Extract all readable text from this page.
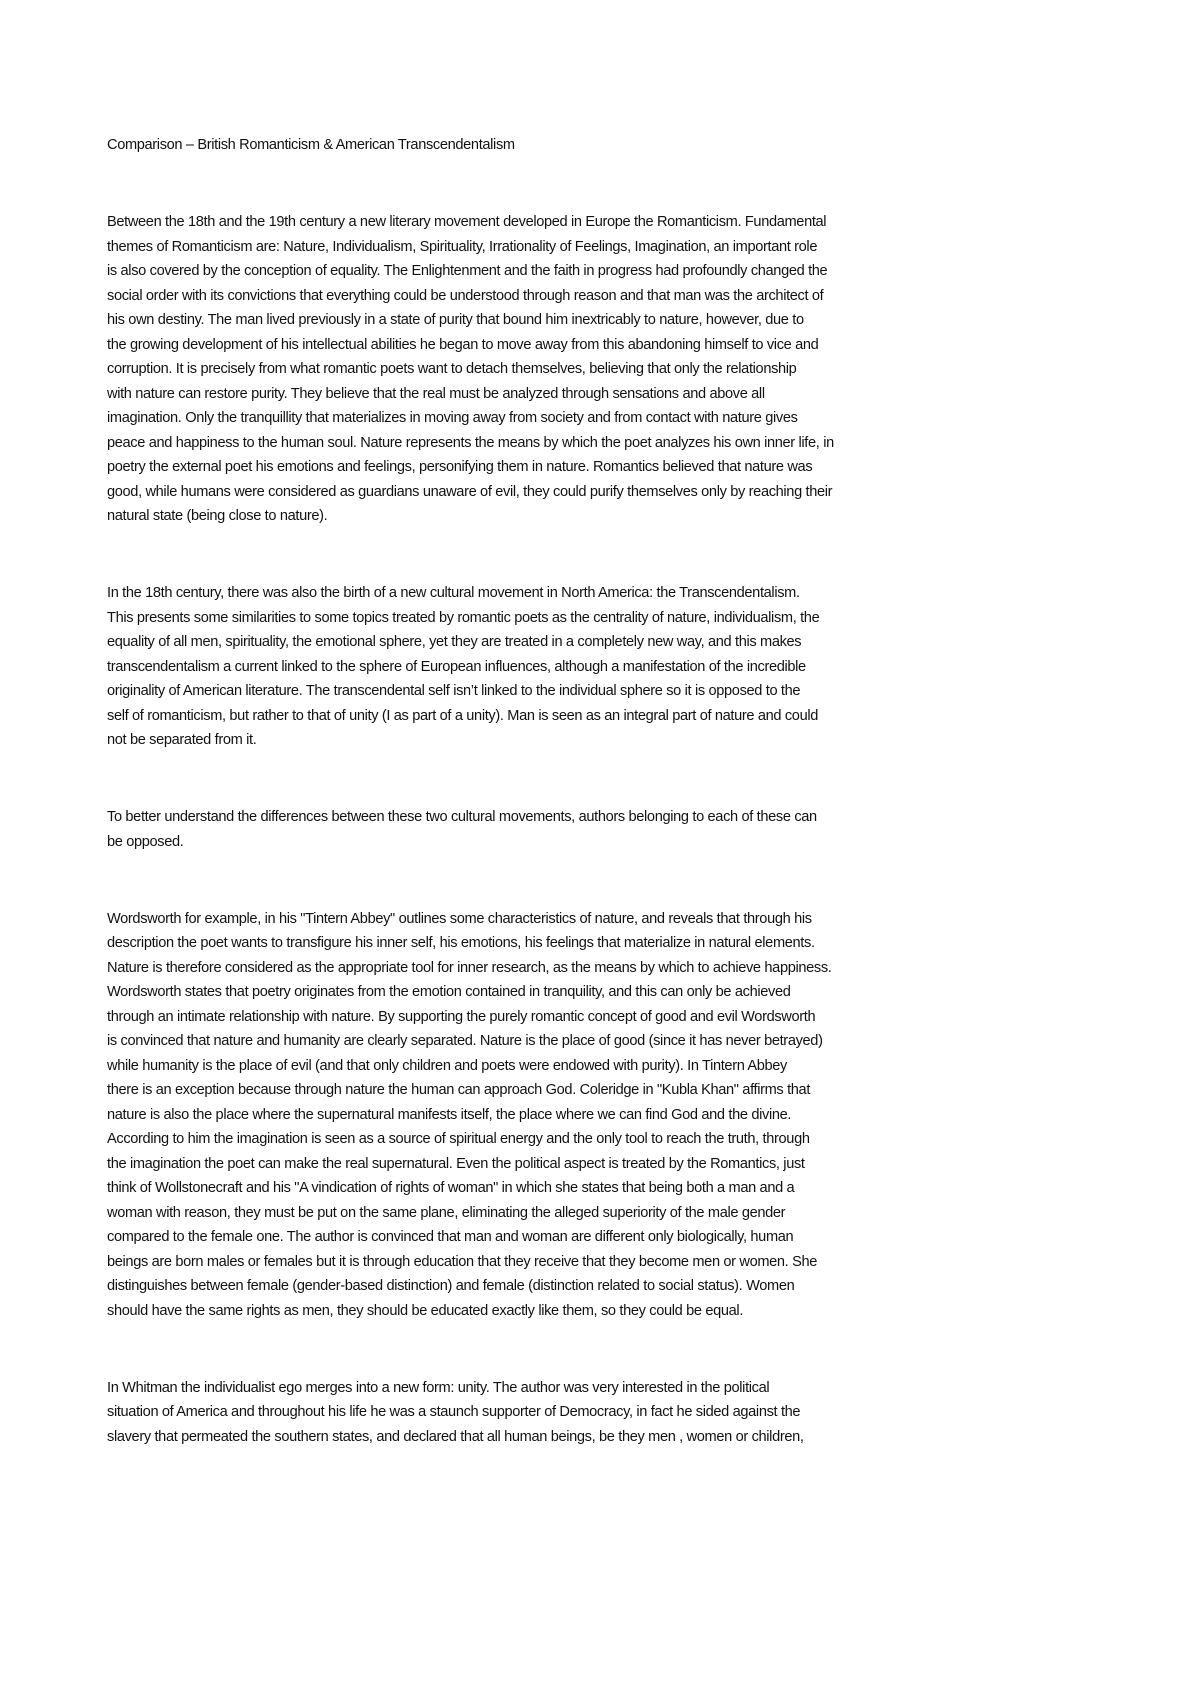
Comparison – British Romanticism & American Transcendentalism
Between the 18th and the 19th century a new literary movement developed in Europe the Romanticism. Fundamental
themes of Romanticism are: Nature, Individualism, Spirituality, Irrationality of Feelings, Imagination, an important role
is also covered by the conception of equality. The Enlightenment and the faith in progress had profoundly changed the
social order with its convictions that everything could be understood through reason and that man was the architect of
his own destiny. The man lived previously in a state of purity that bound him inextricably to nature, however, due to
the growing development of his intellectual abilities he began to move away from this abandoning himself to vice and
corruption. It is precisely from what romantic poets want to detach themselves, believing that only the relationship
with nature can restore purity. They believe that the real must be analyzed through sensations and above all
imagination. Only the tranquillity that materializes in moving away from society and from contact with nature gives
peace and happiness to the human soul. Nature represents the means by which the poet analyzes his own inner life, in
poetry the external poet his emotions and feelings, personifying them in nature. Romantics believed that nature was
good, while humans were considered as guardians unaware of evil, they could purify themselves only by reaching their
natural state (being close to nature).
In the 18th century, there was also the birth of a new cultural movement in North America: the Transcendentalism.
This presents some similarities to some topics treated by romantic poets as the centrality of nature, individualism, the
equality of all men, spirituality, the emotional sphere, yet they are treated in a completely new way, and this makes
transcendentalism a current linked to the sphere of European influences, although a manifestation of the incredible
originality of American literature. The transcendental self isn’t linked to the individual sphere so it is opposed to the
self of romanticism, but rather to that of unity (I as part of a unity). Man is seen as an integral part of nature and could
not be separated from it.
To better understand the differences between these two cultural movements, authors belonging to each of these can
be opposed.
Wordsworth for example, in his "Tintern Abbey" outlines some characteristics of nature, and reveals that through his
description the poet wants to transfigure his inner self, his emotions, his feelings that materialize in natural elements.
Nature is therefore considered as the appropriate tool for inner research, as the means by which to achieve happiness.
Wordsworth states that poetry originates from the emotion contained in tranquility, and this can only be achieved
through an intimate relationship with nature. By supporting the purely romantic concept of good and evil Wordsworth
is convinced that nature and humanity are clearly separated. Nature is the place of good (since it has never betrayed)
while humanity is the place of evil (and that only children and poets were endowed with purity). In Tintern Abbey
there is an exception because through nature the human can approach God. Coleridge in "Kubla Khan" affirms that
nature is also the place where the supernatural manifests itself, the place where we can find God and the divine.
According to him the imagination is seen as a source of spiritual energy and the only tool to reach the truth, through
the imagination the poet can make the real supernatural. Even the political aspect is treated by the Romantics, just
think of Wollstonecraft and his "A vindication of rights of woman" in which she states that being both a man and a
woman with reason, they must be put on the same plane, eliminating the alleged superiority of the male gender
compared to the female one. The author is convinced that man and woman are different only biologically, human
beings are born males or females but it is through education that they receive that they become men or women. She
distinguishes between female (gender-based distinction) and female (distinction related to social status). Women
should have the same rights as men, they should be educated exactly like them, so they could be equal.
In Whitman the individualist ego merges into a new form: unity. The author was very interested in the political
situation of America and throughout his life he was a staunch supporter of Democracy, in fact he sided against the
slavery that permeated the southern states, and declared that all human beings, be they men , women or children,
